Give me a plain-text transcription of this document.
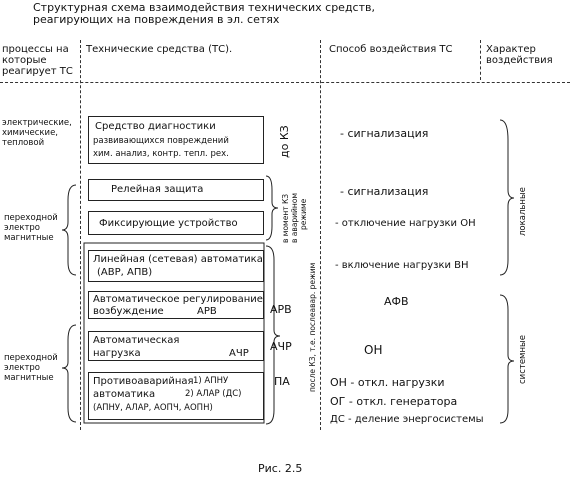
Структурная схема взаимодействия технических средств,
реагирующих на повреждения в эл. сетях
процессы на
которые
реагирует ТС
Технические средства (ТС).	Способ воздействия ТС	Характер
воздействия
электрические,
химические,
тепловой
переходной
электро
магнитные
переходной
электро
магнитные
Средство диагностики
развивающихся повреждений
хим. анализ, контр. тепл. рех.
Релейная защита
Фиксирующие устройство
Линейная (сетевая) автоматика
(АВР, АПВ)
Автоматическое регулирование
возбуждение	АРВ
Автоматическая
нагрузка	АЧР
Противоаварийная
автоматика
(АПНУ, АЛАР, АОПЧ, АОПН)
1) АПНУ
2) АЛАР (ДС)
до КЗ
в момент КЗ в аварийном режиме
после КЗ, т.е. послеавар. режим
АРВ
АЧР
ПА
- сигнализация
- сигнализация
- отключение нагрузки ОН
- включение нагрузки ВН
АФВ
ОН
ОН - откл. нагрузки
ОГ - откл. генератора
ДС - деление энергосистемы
локальные
системные
Рис. 2.5
